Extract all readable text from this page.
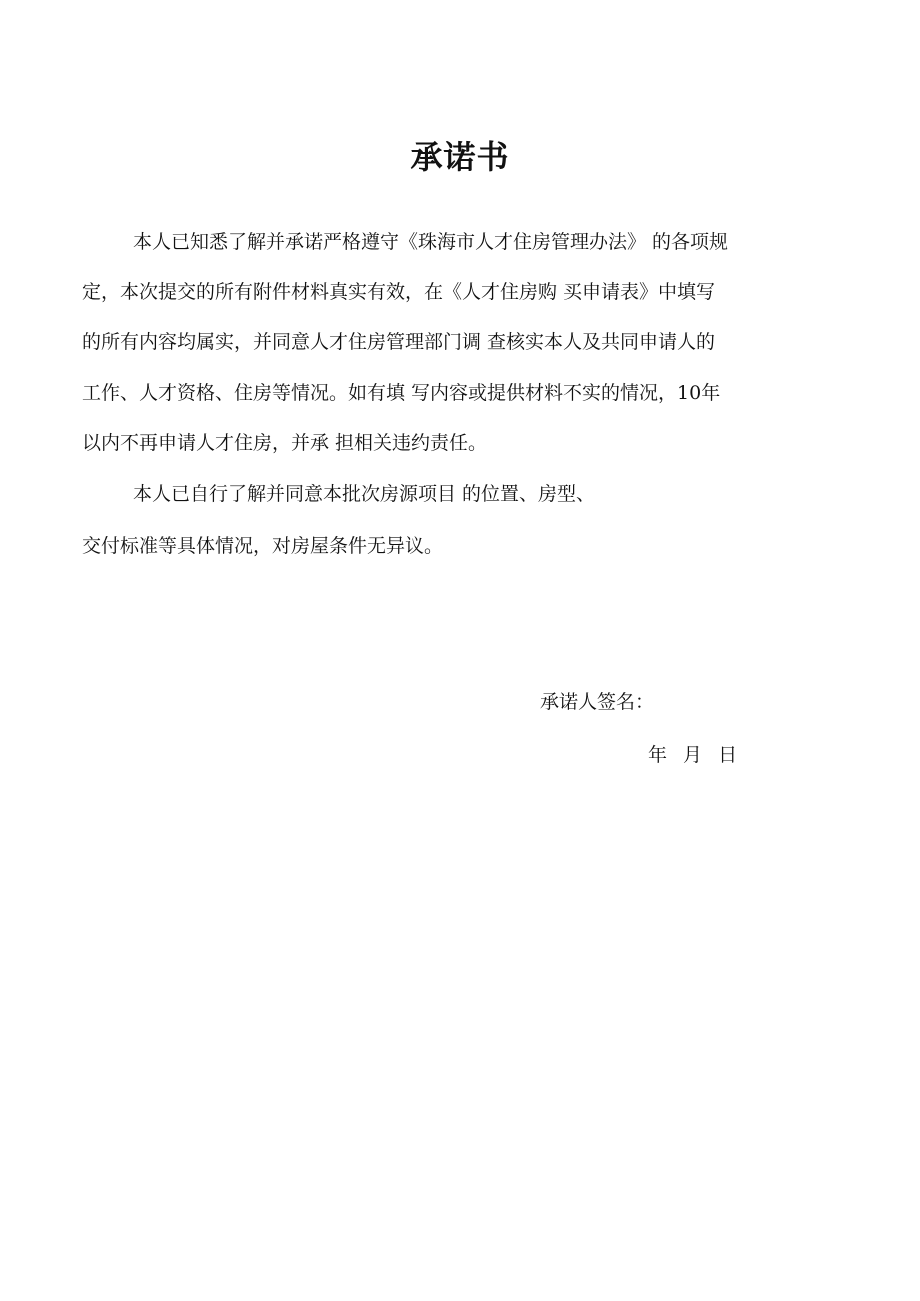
承诺书
本人已知悉了解并承诺严格遵守《珠海市人才住房管理办法》 的各项规
定，本次提交的所有附件材料真实有效，在《人才住房购 买申请表》中填写
的所有内容均属实，并同意人才住房管理部门调 查核实本人及共同申请人的
工作、人才资格、住房等情况。如有填 写内容或提供材料不实的情况，10年
以内不再申请人才住房，并承 担相关违约责任。
本人已自行了解并同意本批次房源项目 的位置、房型、
交付标准等具体情况，对房屋条件无异议。
承诺人签名：
年 月 日
